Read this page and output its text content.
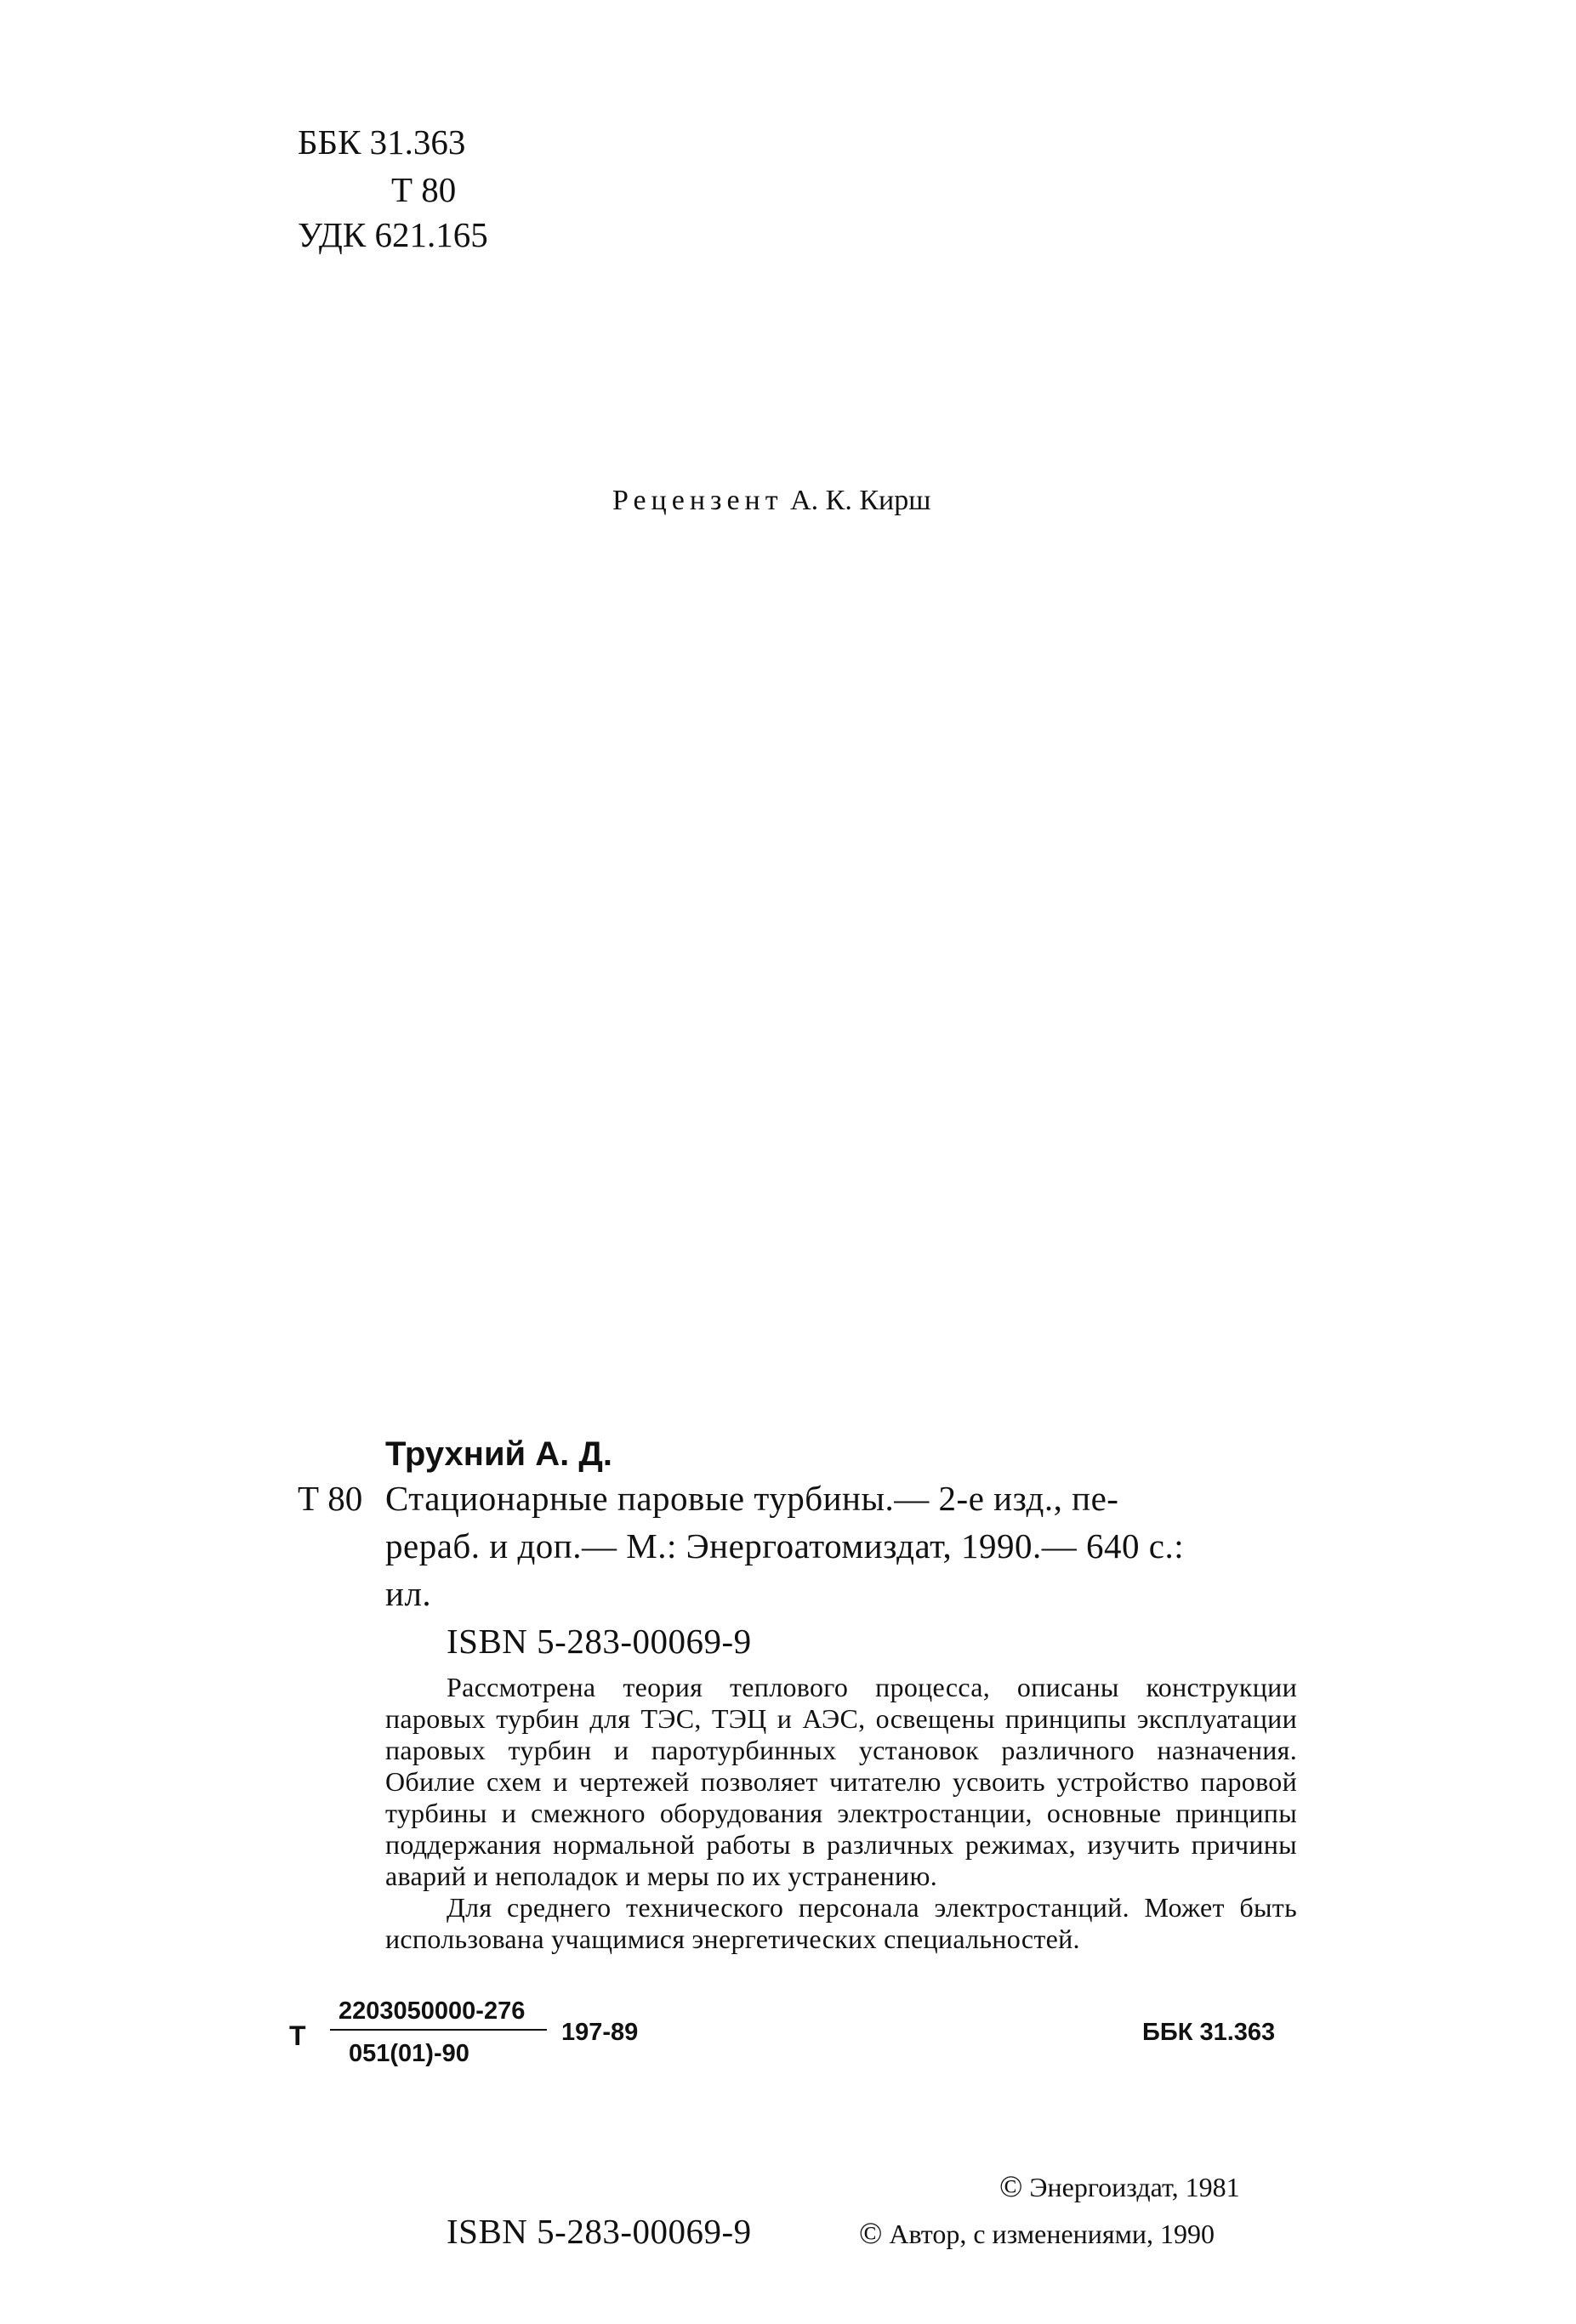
ББК 31.363
Т 80
УДК 621.165
Рецензент А. К. Кирш
Трухний А. Д.
Т 80 Стационарные паровые турбины.— 2-е изд., пе-
рераб. и доп.— М.: Энергоатомиздат, 1990.— 640 с.:
ил.
ISBN 5-283-00069-9

Рассмотрена теория теплового процесса, описаны конструкции паровых турбин для ТЭС, ТЭЦ и АЭС, освещены принципы эксплуатации паровых турбин и паротурбинных установок различного назначения. Обилие схем и чертежей позволяет читателю усвоить устройство паровой турбины и смежного оборудования электростанции, основные принципы поддержания нормальной работы в различных режимах, изучить причины аварий и неполадок и меры по их устранению.

Для среднего технического персонала электростанций. Может быть использована учащимися энергетических специальностей.

Т
2203050000-276
051(01)-90
197-89	ББК 31.363
© Энергоиздат, 1981
ISBN 5-283-00069-9	© Автор, с изменениями, 1990
